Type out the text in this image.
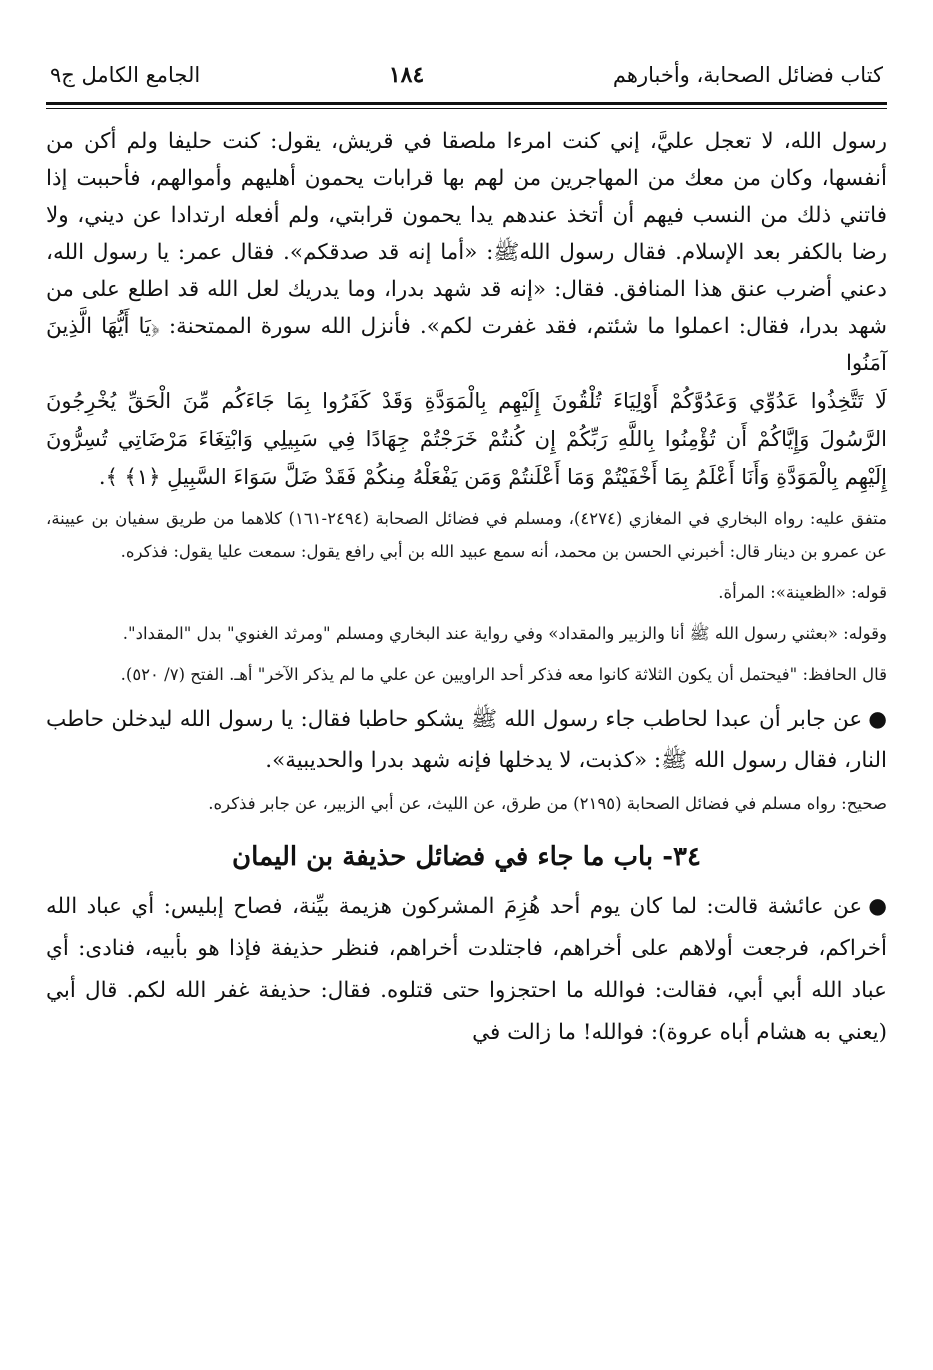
كتاب فضائل الصحابة، وأخبارهم
١٨٤
الجامع الكامل ج٩

رسول الله، لا تعجل عليَّ، إني كنت امرءا ملصقا في قريش، يقول: كنت حليفا ولم أكن من أنفسها، وكان من معك من المهاجرين من لهم بها قرابات يحمون أهليهم وأموالهم، فأحببت إذا فاتني ذلك من النسب فيهم أن أتخذ عندهم يدا يحمون قرابتي، ولم أفعله ارتدادا عن ديني، ولا رضا بالكفر بعد الإسلام. فقال رسول اللهﷺ: «أما إنه قد صدقكم». فقال عمر: يا رسول الله، دعني أضرب عنق هذا المنافق. فقال: «إنه قد شهد بدرا، وما يدريك لعل الله قد اطلع على من شهد بدرا، فقال: اعملوا ما شئتم، فقد غفرت لكم». فأنزل الله سورة الممتحنة: ﴿يَا أَيُّهَا الَّذِينَ آمَنُوا

لَا تَتَّخِذُوا عَدُوِّي وَعَدُوَّكُمْ أَوْلِيَاءَ تُلْقُونَ إِلَيْهِم بِالْمَوَدَّةِ وَقَدْ كَفَرُوا بِمَا جَاءَكُم مِّنَ الْحَقِّ يُخْرِجُونَ الرَّسُولَ وَإِيَّاكُمْ أَن تُؤْمِنُوا بِاللَّهِ رَبِّكُمْ إِن كُنتُمْ خَرَجْتُمْ جِهَادًا فِي سَبِيلِي وَابْتِغَاءَ مَرْضَاتِي تُسِرُّونَ إِلَيْهِم بِالْمَوَدَّةِ وَأَنَا أَعْلَمُ بِمَا أَخْفَيْتُمْ وَمَا أَعْلَنتُمْ وَمَن يَفْعَلْهُ مِنكُمْ فَقَدْ ضَلَّ سَوَاءَ السَّبِيلِ ﴿١﴾ ﴾.

متفق عليه: رواه البخاري في المغازي (٤٢٧٤)، ومسلم في فضائل الصحابة (٢٤٩٤-١٦١) كلاهما من طريق سفيان بن عيينة، عن عمرو بن دينار قال: أخبرني الحسن بن محمد، أنه سمع عبيد الله بن أبي رافع يقول: سمعت عليا يقول: فذكره.

قوله: «الظعينة»: المرأة.

وقوله: «بعثني رسول الله ﷺ أنا والزبير والمقداد» وفي رواية عند البخاري ومسلم "ومرثد الغنوي" بدل "المقداد".

قال الحافظ: "فيحتمل أن يكون الثلاثة كانوا معه فذكر أحد الراويين عن علي ما لم يذكر الآخر" أهـ. الفتح (٧/ ٥٢٠).

●عن جابر أن عبدا لحاطب جاء رسول الله ﷺ يشكو حاطبا فقال: يا رسول الله ليدخلن حاطب النار، فقال رسول الله ﷺ: «كذبت، لا يدخلها فإنه شهد بدرا والحديبية».

صحيح: رواه مسلم في فضائل الصحابة (٢١٩٥) من طرق، عن الليث، عن أبي الزبير، عن جابر فذكره.

٣٤- باب ما جاء في فضائل حذيفة بن اليمان

●عن عائشة قالت: لما كان يوم أحد هُزِمَ المشركون هزيمة بيِّنة، فصاح إبليس: أي عباد الله أخراكم، فرجعت أولاهم على أخراهم، فاجتلدت أخراهم، فنظر حذيفة فإذا هو بأبيه، فنادى: أي عباد الله أبي أبي، فقالت: فوالله ما احتجزوا حتى قتلوه. فقال: حذيفة غفر الله لكم. قال أبي (يعني به هشام أباه عروة): فوالله! ما زالت في
